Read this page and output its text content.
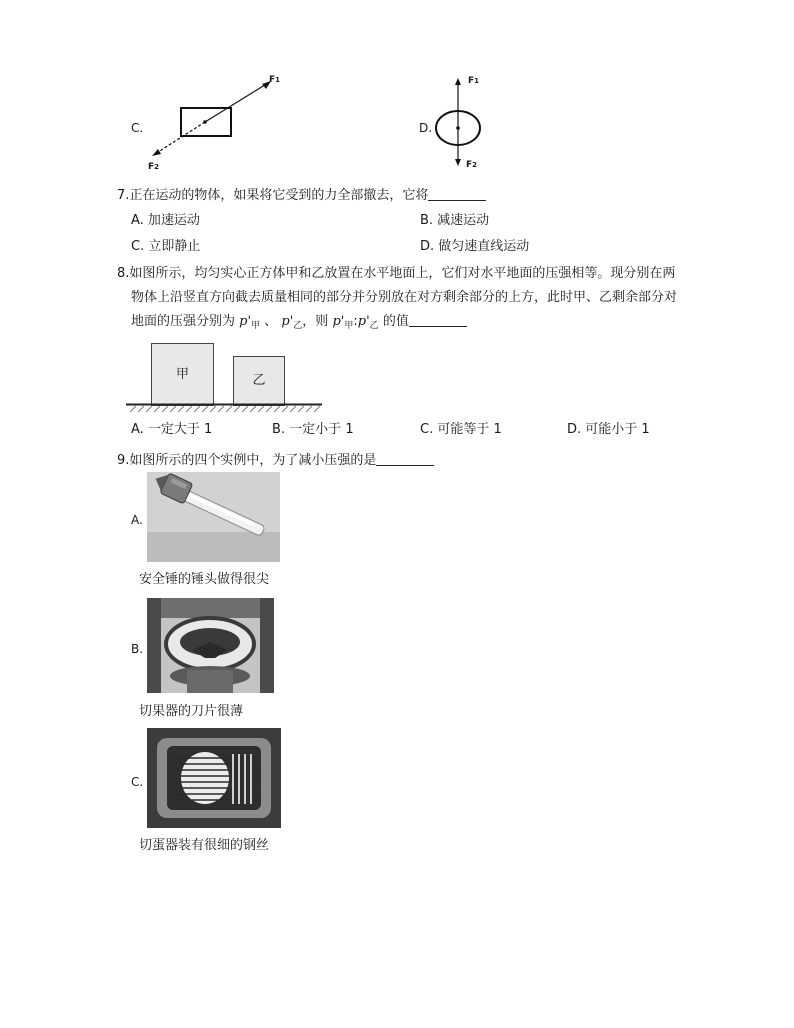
C.
F1
F2
D.
F1
F2
7.正在运动的物体，如果将它受到的力全部撤去，它将
A. 加速运动	B. 减速运动
C. 立即静止	D. 做匀速直线运动
8.如图所示，均匀实心正方体甲和乙放置在水平地面上，它们对水平地面的压强相等。现分别在两
物体上沿竖直方向截去质量相同的部分并分别放在对方剩余部分的上方，此时甲、乙剩余部分对
地面的压强分别为 $p'_甲$ 、 $p'_乙$，则 $p'_甲:p'_乙$ 的值
甲	乙
A. 一定大于 1	B. 一定小于 1	C. 可能等于 1	D. 可能小于 1
9.如图所示的四个实例中，为了减小压强的是
A.
安全锤的锤头做得很尖
B.
切果器的刀片很薄
C.
切蛋器装有很细的钢丝
